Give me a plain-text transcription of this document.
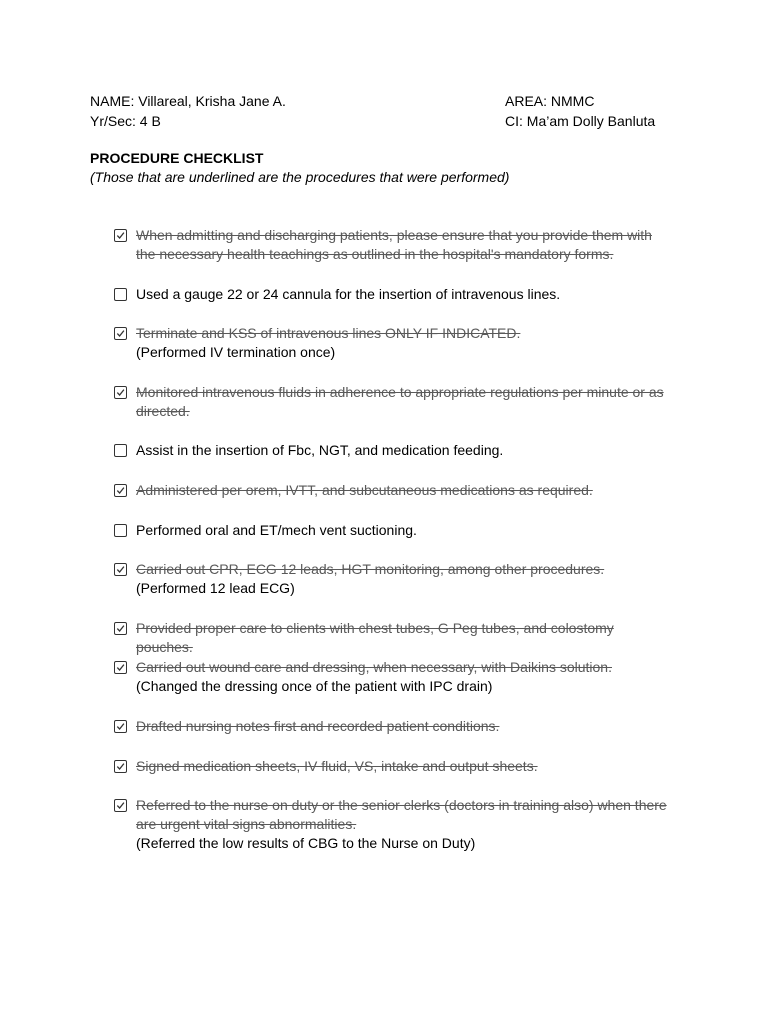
NAME: Villareal, Krisha Jane A.	AREA: NMMC
Yr/Sec: 4 B	CI: Ma’am Dolly Banluta
PROCEDURE CHECKLIST
(Those that are underlined are the procedures that were performed)
When admitting and discharging patients, please ensure that you provide them with the necessary health teachings as outlined in the hospital's mandatory forms.
Used a gauge 22 or 24 cannula for the insertion of intravenous lines.
Terminate and KSS of intravenous lines ONLY IF INDICATED.
(Performed IV termination once)
Monitored intravenous fluids in adherence to appropriate regulations per minute or as directed.
Assist in the insertion of Fbc, NGT, and medication feeding.
Administered per orem, IVTT, and subcutaneous medications as required.
Performed oral and ET/mech vent suctioning.
Carried out CPR, ECG 12 leads, HGT monitoring, among other procedures.
(Performed 12 lead ECG)
Provided proper care to clients with chest tubes, G Peg tubes, and colostomy pouches.
Carried out wound care and dressing, when necessary, with Daikins solution.
(Changed the dressing once of the patient with IPC drain)
Drafted nursing notes first and recorded patient conditions.
Signed medication sheets, IV fluid, VS, intake and output sheets.
Referred to the nurse on duty or the senior clerks (doctors in training also) when there are urgent vital signs abnormalities.
(Referred the low results of CBG to the Nurse on Duty)
